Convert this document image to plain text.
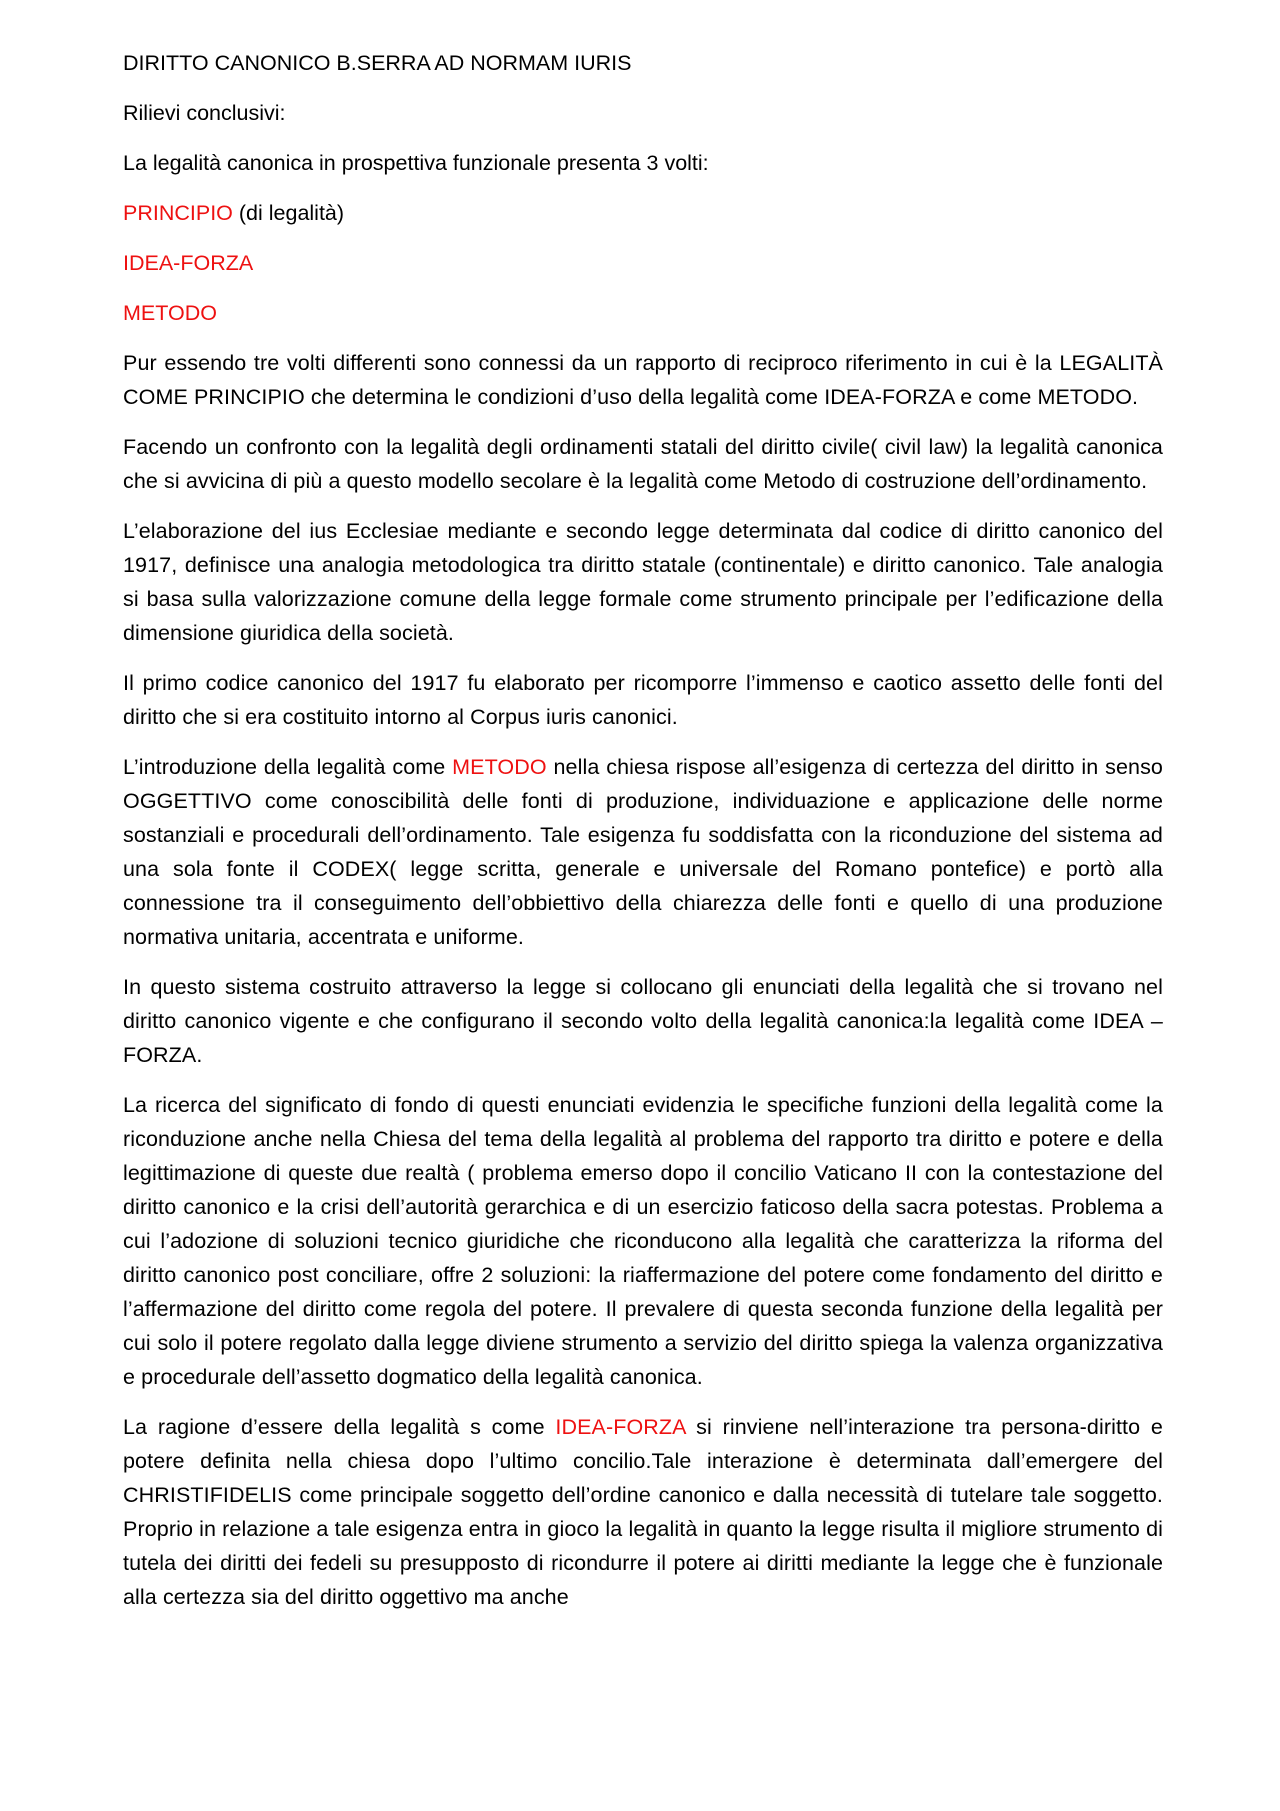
DIRITTO CANONICO B.SERRA AD NORMAM IURIS

Rilievi conclusivi:

La legalità canonica in prospettiva funzionale presenta 3 volti:

PRINCIPIO (di legalità)

IDEA-FORZA

METODO

Pur essendo tre volti differenti sono connessi da un rapporto di reciproco riferimento in cui è la LEGALITÀ COME PRINCIPIO che determina le condizioni d’uso della legalità come IDEA-FORZA e come METODO.

Facendo un confronto con la legalità degli ordinamenti statali del diritto civile( civil law) la legalità canonica che si avvicina di più a questo modello secolare è la legalità come Metodo di costruzione dell’ordinamento.

L’elaborazione del ius Ecclesiae mediante e secondo legge determinata dal codice di diritto canonico del 1917, definisce una analogia metodologica tra diritto statale (continentale) e diritto canonico. Tale analogia si basa sulla valorizzazione comune della legge formale come strumento principale per l’edificazione della dimensione giuridica della società.

Il primo codice canonico del 1917 fu elaborato per ricomporre l’immenso e caotico assetto delle fonti del diritto che si era costituito intorno al Corpus iuris canonici.

L’introduzione della legalità come METODO nella chiesa rispose all’esigenza di certezza del diritto in senso OGGETTIVO come conoscibilità delle fonti di produzione, individuazione e applicazione delle norme sostanziali e procedurali dell’ordinamento. Tale esigenza fu soddisfatta con la riconduzione del sistema ad una sola fonte il CODEX( legge scritta, generale e universale del Romano pontefice) e portò alla connessione tra il conseguimento dell’obbiettivo della chiarezza delle fonti e quello di una produzione normativa unitaria, accentrata e uniforme.

In questo sistema costruito attraverso la legge si collocano gli enunciati della legalità che si trovano nel diritto canonico vigente e che configurano il secondo volto della legalità canonica:la legalità come IDEA –FORZA.

La ricerca del significato di fondo di questi enunciati evidenzia le specifiche funzioni della legalità come la riconduzione anche nella Chiesa del tema della legalità al problema del rapporto tra diritto e potere e della legittimazione di queste due realtà ( problema emerso dopo il concilio Vaticano II con la contestazione del diritto canonico e la crisi dell’autorità gerarchica e di un esercizio faticoso della sacra potestas. Problema a cui l’adozione di soluzioni tecnico giuridiche che riconducono alla legalità che caratterizza la riforma del diritto canonico post conciliare, offre 2 soluzioni: la riaffermazione del potere come fondamento del diritto e l’affermazione del diritto come regola del potere. Il prevalere di questa seconda funzione della legalità per cui solo il potere regolato dalla legge diviene strumento a servizio del diritto spiega la valenza organizzativa e procedurale dell’assetto dogmatico della legalità canonica.

La ragione d’essere della legalità s come IDEA-FORZA si rinviene nell’interazione tra persona-diritto e potere definita nella chiesa dopo l’ultimo concilio.Tale interazione è determinata dall’emergere del CHRISTIFIDELIS come principale soggetto dell’ordine canonico e dalla necessità di tutelare tale soggetto. Proprio in relazione a tale esigenza entra in gioco la legalità in quanto la legge risulta il migliore strumento di tutela dei diritti dei fedeli su presupposto di ricondurre il potere ai diritti mediante la legge che è funzionale alla certezza sia del diritto oggettivo ma anche
